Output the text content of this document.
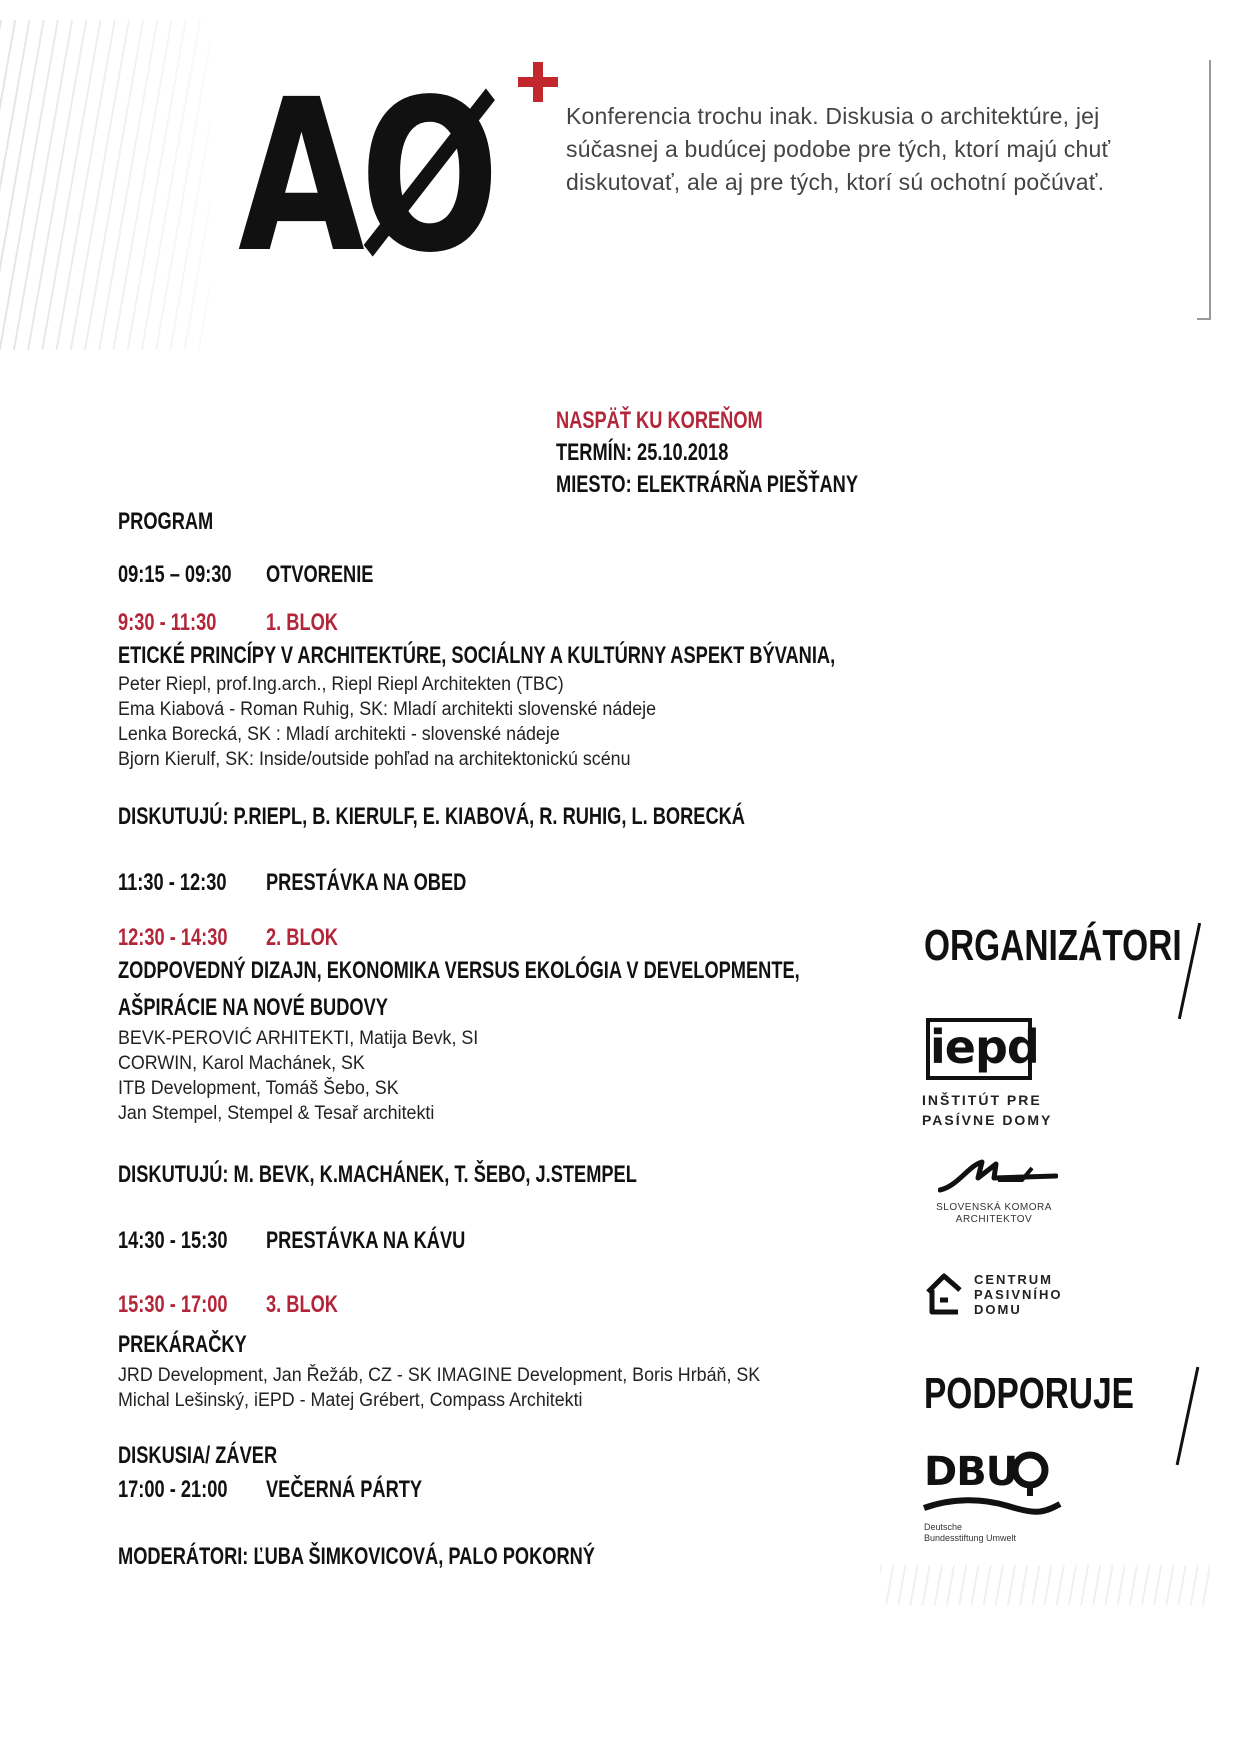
AØ	Konferencia trochu inak. Diskusia o architektúre, jej súčasnej a budúcej podobe pre tých, ktorí majú chuť diskutovať, ale aj pre tých, ktorí sú ochotní počúvať.
NASPÄŤ KU KOREŇOM
TERMÍN: 25.10.2018
MIESTO: ELEKTRÁRŇA PIEŠŤANY
PROGRAM
09:15 – 09:30 OTVORENIE
9:30 - 11:30 1. BLOK
ETICKÉ PRINCÍPY V ARCHITEKTÚRE, SOCIÁLNY A KULTÚRNY ASPEKT BÝVANIA,
Peter Riepl, prof.Ing.arch., Riepl Riepl Architekten (TBC)
Ema Kiabová - Roman Ruhig, SK: Mladí architekti slovenské nádeje
Lenka Borecká, SK : Mladí architekti - slovenské nádeje
Bjorn Kierulf, SK: Inside/outside pohľad na architektonickú scénu
DISKUTUJÚ: P.RIEPL, B. KIERULF, E. KIABOVÁ, R. RUHIG, L. BORECKÁ
11:30 - 12:30 PRESTÁVKA NA OBED
12:30 - 14:30 2. BLOK
ZODPOVEDNÝ DIZAJN, EKONOMIKA VERSUS EKOLÓGIA V DEVELOPMENTE,
AŠPIRÁCIE NA NOVÉ BUDOVY
BEVK-PEROVIĆ ARHITEKTI, Matija Bevk, SI
CORWIN, Karol Machánek, SK
ITB Development, Tomáš Šebo, SK
Jan Stempel, Stempel & Tesař architekti
DISKUTUJÚ: M. BEVK, K.MACHÁNEK, T. ŠEBO, J.STEMPEL
14:30 - 15:30 PRESTÁVKA NA KÁVU
15:30 - 17:00 3. BLOK
PREKÁRAČKY
JRD Development, Jan Řežáb, CZ - SK IMAGINE Development, Boris Hrbáň, SK
Michal Lešinský, iEPD - Matej Grébert, Compass Architekti
DISKUSIA/ ZÁVER
17:00 - 21:00 VEČERNÁ PÁRTY
MODERÁTORI: ĽUBA ŠIMKOVICOVÁ, PALO POKORNÝ
ORGANIZÁTORI
iepd
INŠTITÚT PRE
PASÍVNE DOMY
SLOVENSKÁ KOMORA
ARCHITEKTOV
CENTRUM
PASIVNÍHO
DOMU
PODPORUJE
DBU
Deutsche
Bundesstiftung Umwelt
